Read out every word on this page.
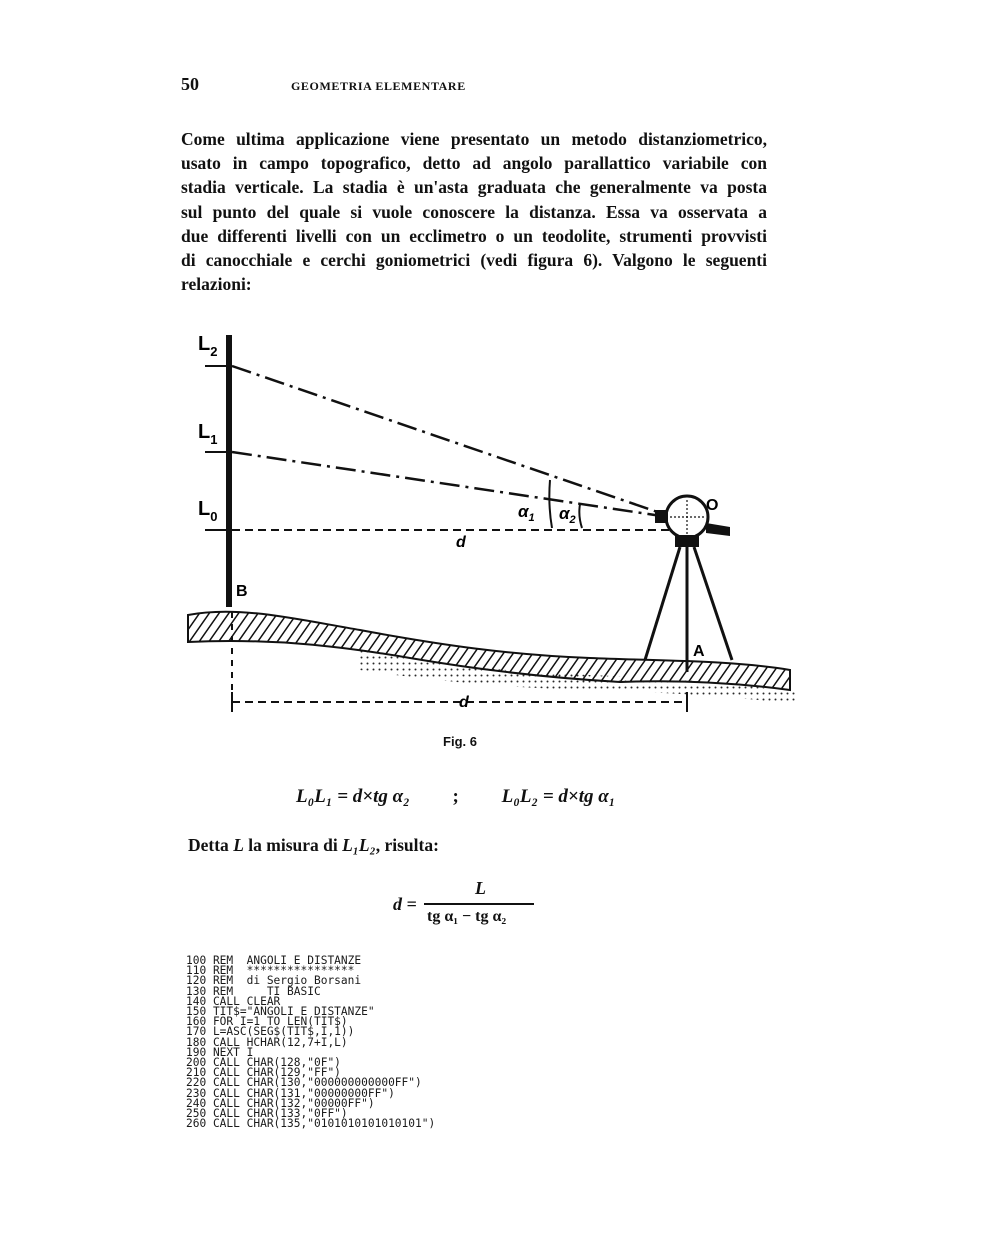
50	GEOMETRIA ELEMENTARE
Come ultima applicazione viene presentato un metodo distanziometrico,
usato in campo topografico, detto ad angolo parallattico variabile con
stadia verticale. La stadia è un'asta graduata che generalmente va posta
sul punto del quale si vuole conoscere la distanza. Essa va osservata a
due differenti livelli con un ecclimetro o un teodolite, strumenti provvisti
di canocchiale e cerchi goniometrici (vedi figura 6). Valgono le seguenti
relazioni:
$L_2$
$L_1$
$L_0$
B
A
O
d
d
$\alpha_1$ $\alpha_2$
Fig. 6
L₀L₁ = d×tg α₂ ; L₀L₂ = d×tg α₁
Detta L la misura di L₁L₂, risulta:
d =
L
tg α₁ − tg α₂
100 REM  ANGOLI E DISTANZE
110 REM  ****************
120 REM  di Sergio Borsani
130 REM     TI BASIC
140 CALL CLEAR
150 TIT$="ANGOLI E DISTANZE"
160 FOR I=1 TO LEN(TIT$)
170 L=ASC(SEG$(TIT$,I,1))
180 CALL HCHAR(12,7+I,L)
190 NEXT I
200 CALL CHAR(128,"0F")
210 CALL CHAR(129,"FF")
220 CALL CHAR(130,"000000000000FF")
230 CALL CHAR(131,"00000000FF")
240 CALL CHAR(132,"00000FF")
250 CALL CHAR(133,"0FF")
260 CALL CHAR(135,"0101010101010101")
